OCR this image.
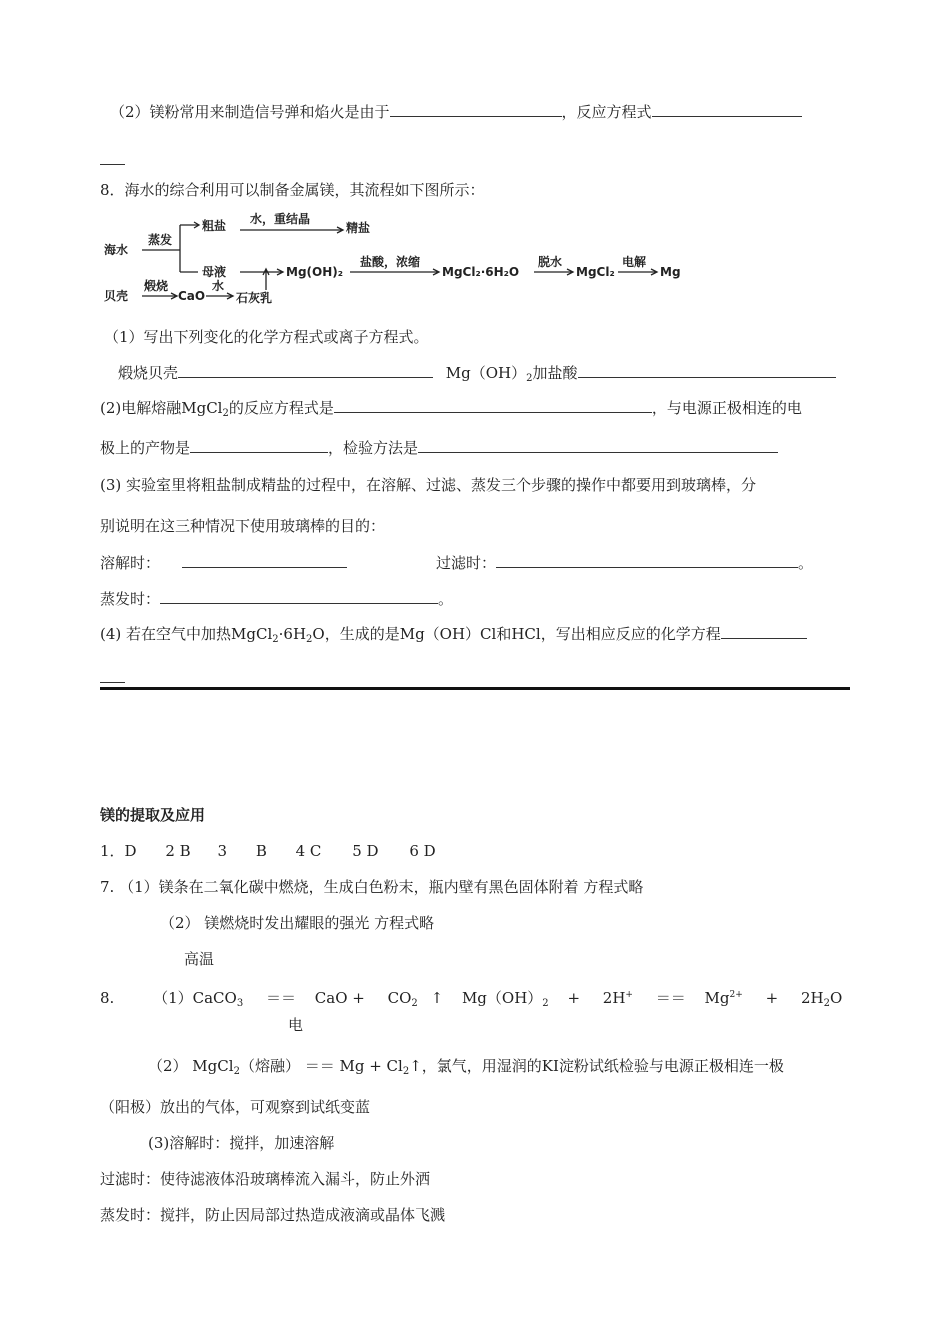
（2）镁粉常用来制造信号弹和焰火是由于	，反应方程式
8．海水的综合利用可以制备金属镁，其流程如下图所示：
海水
蒸发
粗盐 水，重结晶
精盐
母液	Mg(OH)₂
盐酸，浓缩
MgCl₂·6H₂O
脱水
MgCl₂
电解
Mg
贝壳
煅烧
CaO
水
石灰乳
（1）写出下列变化的化学方程式或离子方程式。
煅烧贝壳	$Mg(OH)_2$加盐酸
(2)电解熔融MgCl$_2$的反应方程式是	，与电源正极相连的电
极上的产物是	，检验方法是
(3) 实验室里将粗盐制成精盐的过程中，在溶解、过滤、蒸发三个步骤的操作中都要用到玻璃棒，分
别说明在这三种情况下使用玻璃棒的目的：
溶解时：	过滤时：	。
蒸发时：	。
(4) 若在空气中加热$MgCl_2\cdot 6H_2O$，生成的是Mg（OH）Cl和HCl，写出相应反应的化学方程
镁的提取及应用
1．D 2 B 3 B 4 C 5 D 6 D
7. （1）镁条在二氧化碳中燃烧，生成白色粉末，瓶内壁有黑色固体附着 方程式略
（2） 镁燃烧时发出耀眼的强光 方程式略
高温
8.	（1）CaCO$_3$ ＝＝ CaO + $CO_2$ ↑ $Mg(OH)_2 + 2H^+ == Mg^{2+} + 2H_2O$
电
（2） MgCl$_2$（熔融） ＝＝ $Mg + Cl_2↑$，氯气，用湿润的KI淀粉试纸检验与电源正极相连一极
（阳极）放出的气体，可观察到试纸变蓝
(3)溶解时：搅拌，加速溶解
过滤时：使待滤液体沿玻璃棒流入漏斗，防止外洒
蒸发时：搅拌，防止因局部过热造成液滴或晶体飞溅
